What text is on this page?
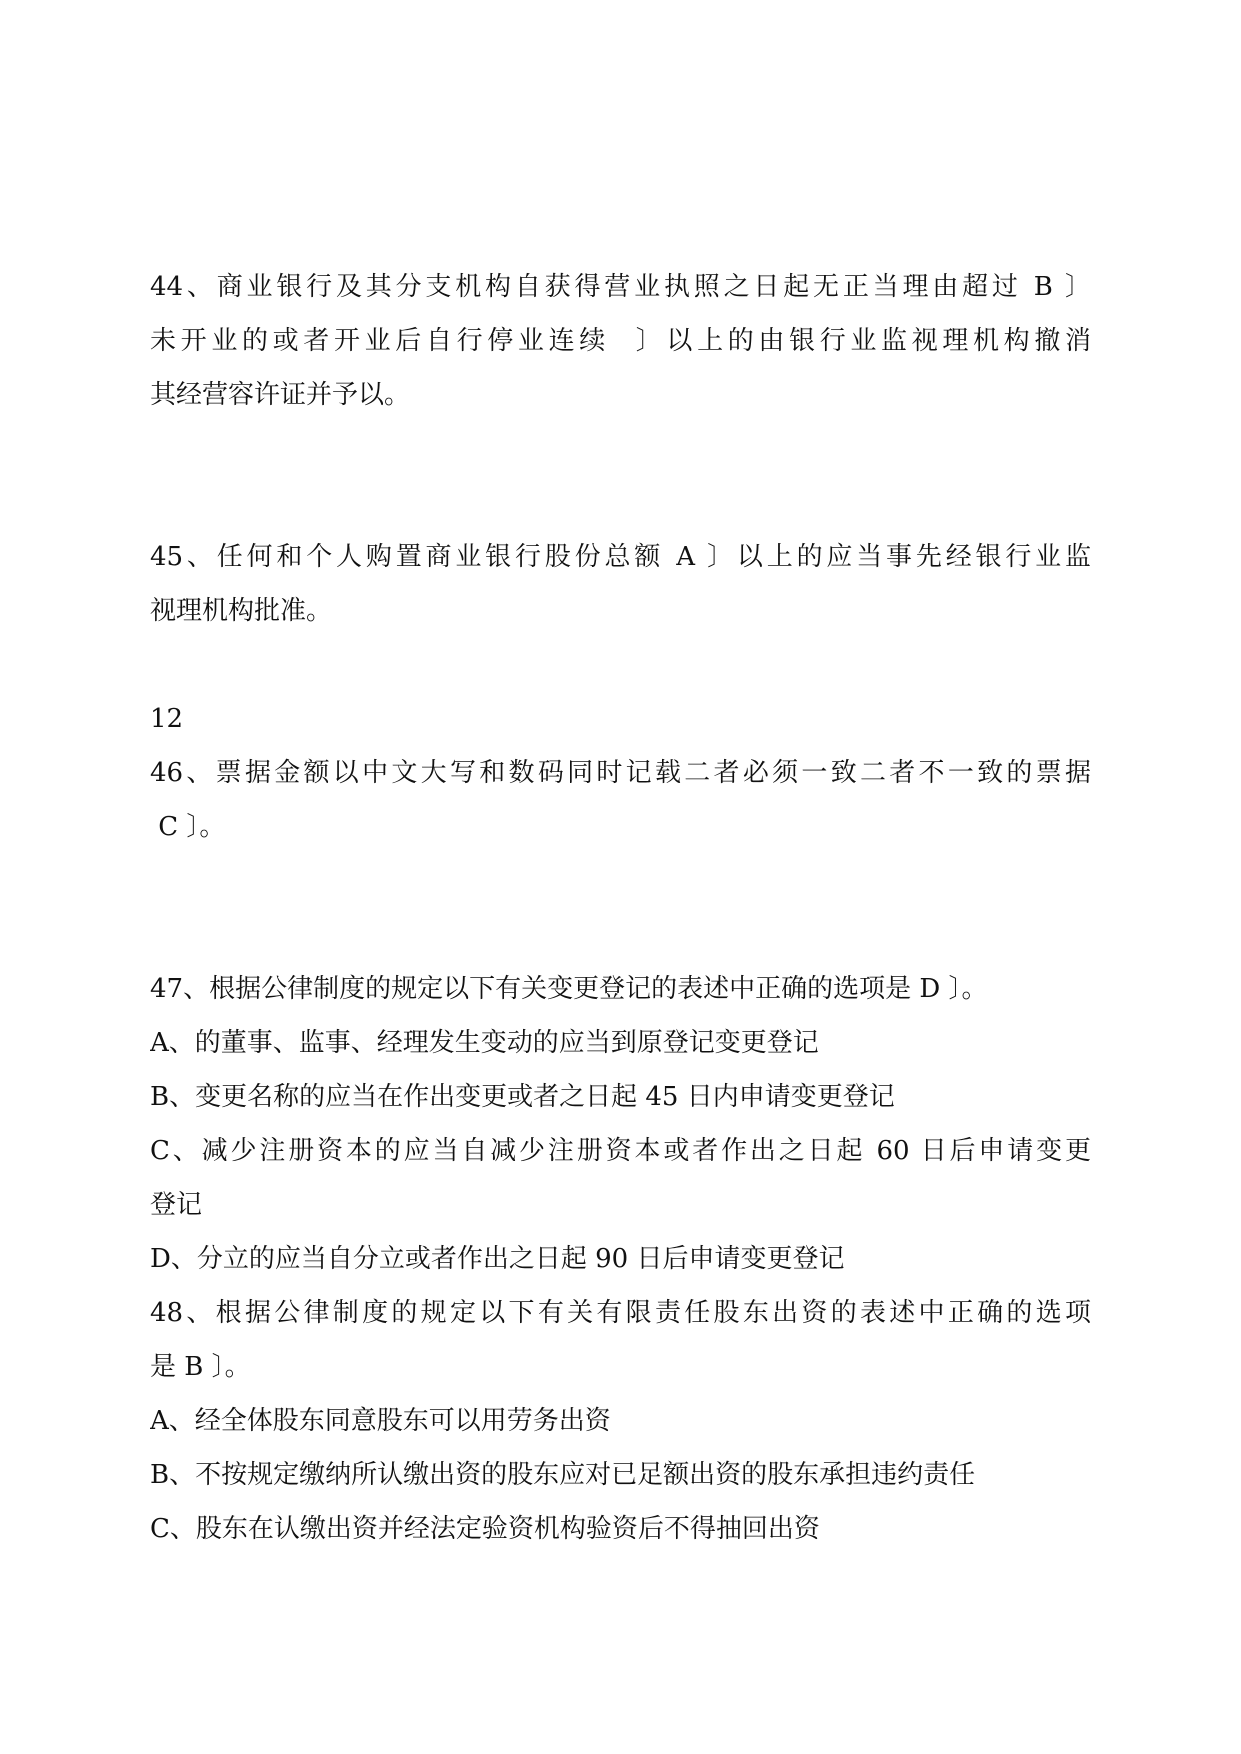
44、商业银行及其分支机构自获得营业执照之日起无正当理由超过 B 〕
未开业的或者开业后自行停业连续  〕以上的由银行业监视理机构撤消
其经营容许证并予以。

45、任何和个人购置商业银行股份总额 A 〕以上的应当事先经银行业监
视理机构批准。

12
46、票据金额以中文大写和数码同时记载二者必须一致二者不一致的票据
C 〕。

47、根据公律制度的规定以下有关变更登记的表述中正确的选项是 D 〕。
A、的董事、监事、经理发生变动的应当到原登记变更登记
B、变更名称的应当在作出变更或者之日起 45 日内申请变更登记
C、减少注册资本的应当自减少注册资本或者作出之日起 60 日后申请变更
登记
D、分立的应当自分立或者作出之日起 90 日后申请变更登记
48、根据公律制度的规定以下有关有限责任股东出资的表述中正确的选项
是 B 〕。
A、经全体股东同意股东可以用劳务出资
B、不按规定缴纳所认缴出资的股东应对已足额出资的股东承担违约责任
C、股东在认缴出资并经法定验资机构验资后不得抽回出资
